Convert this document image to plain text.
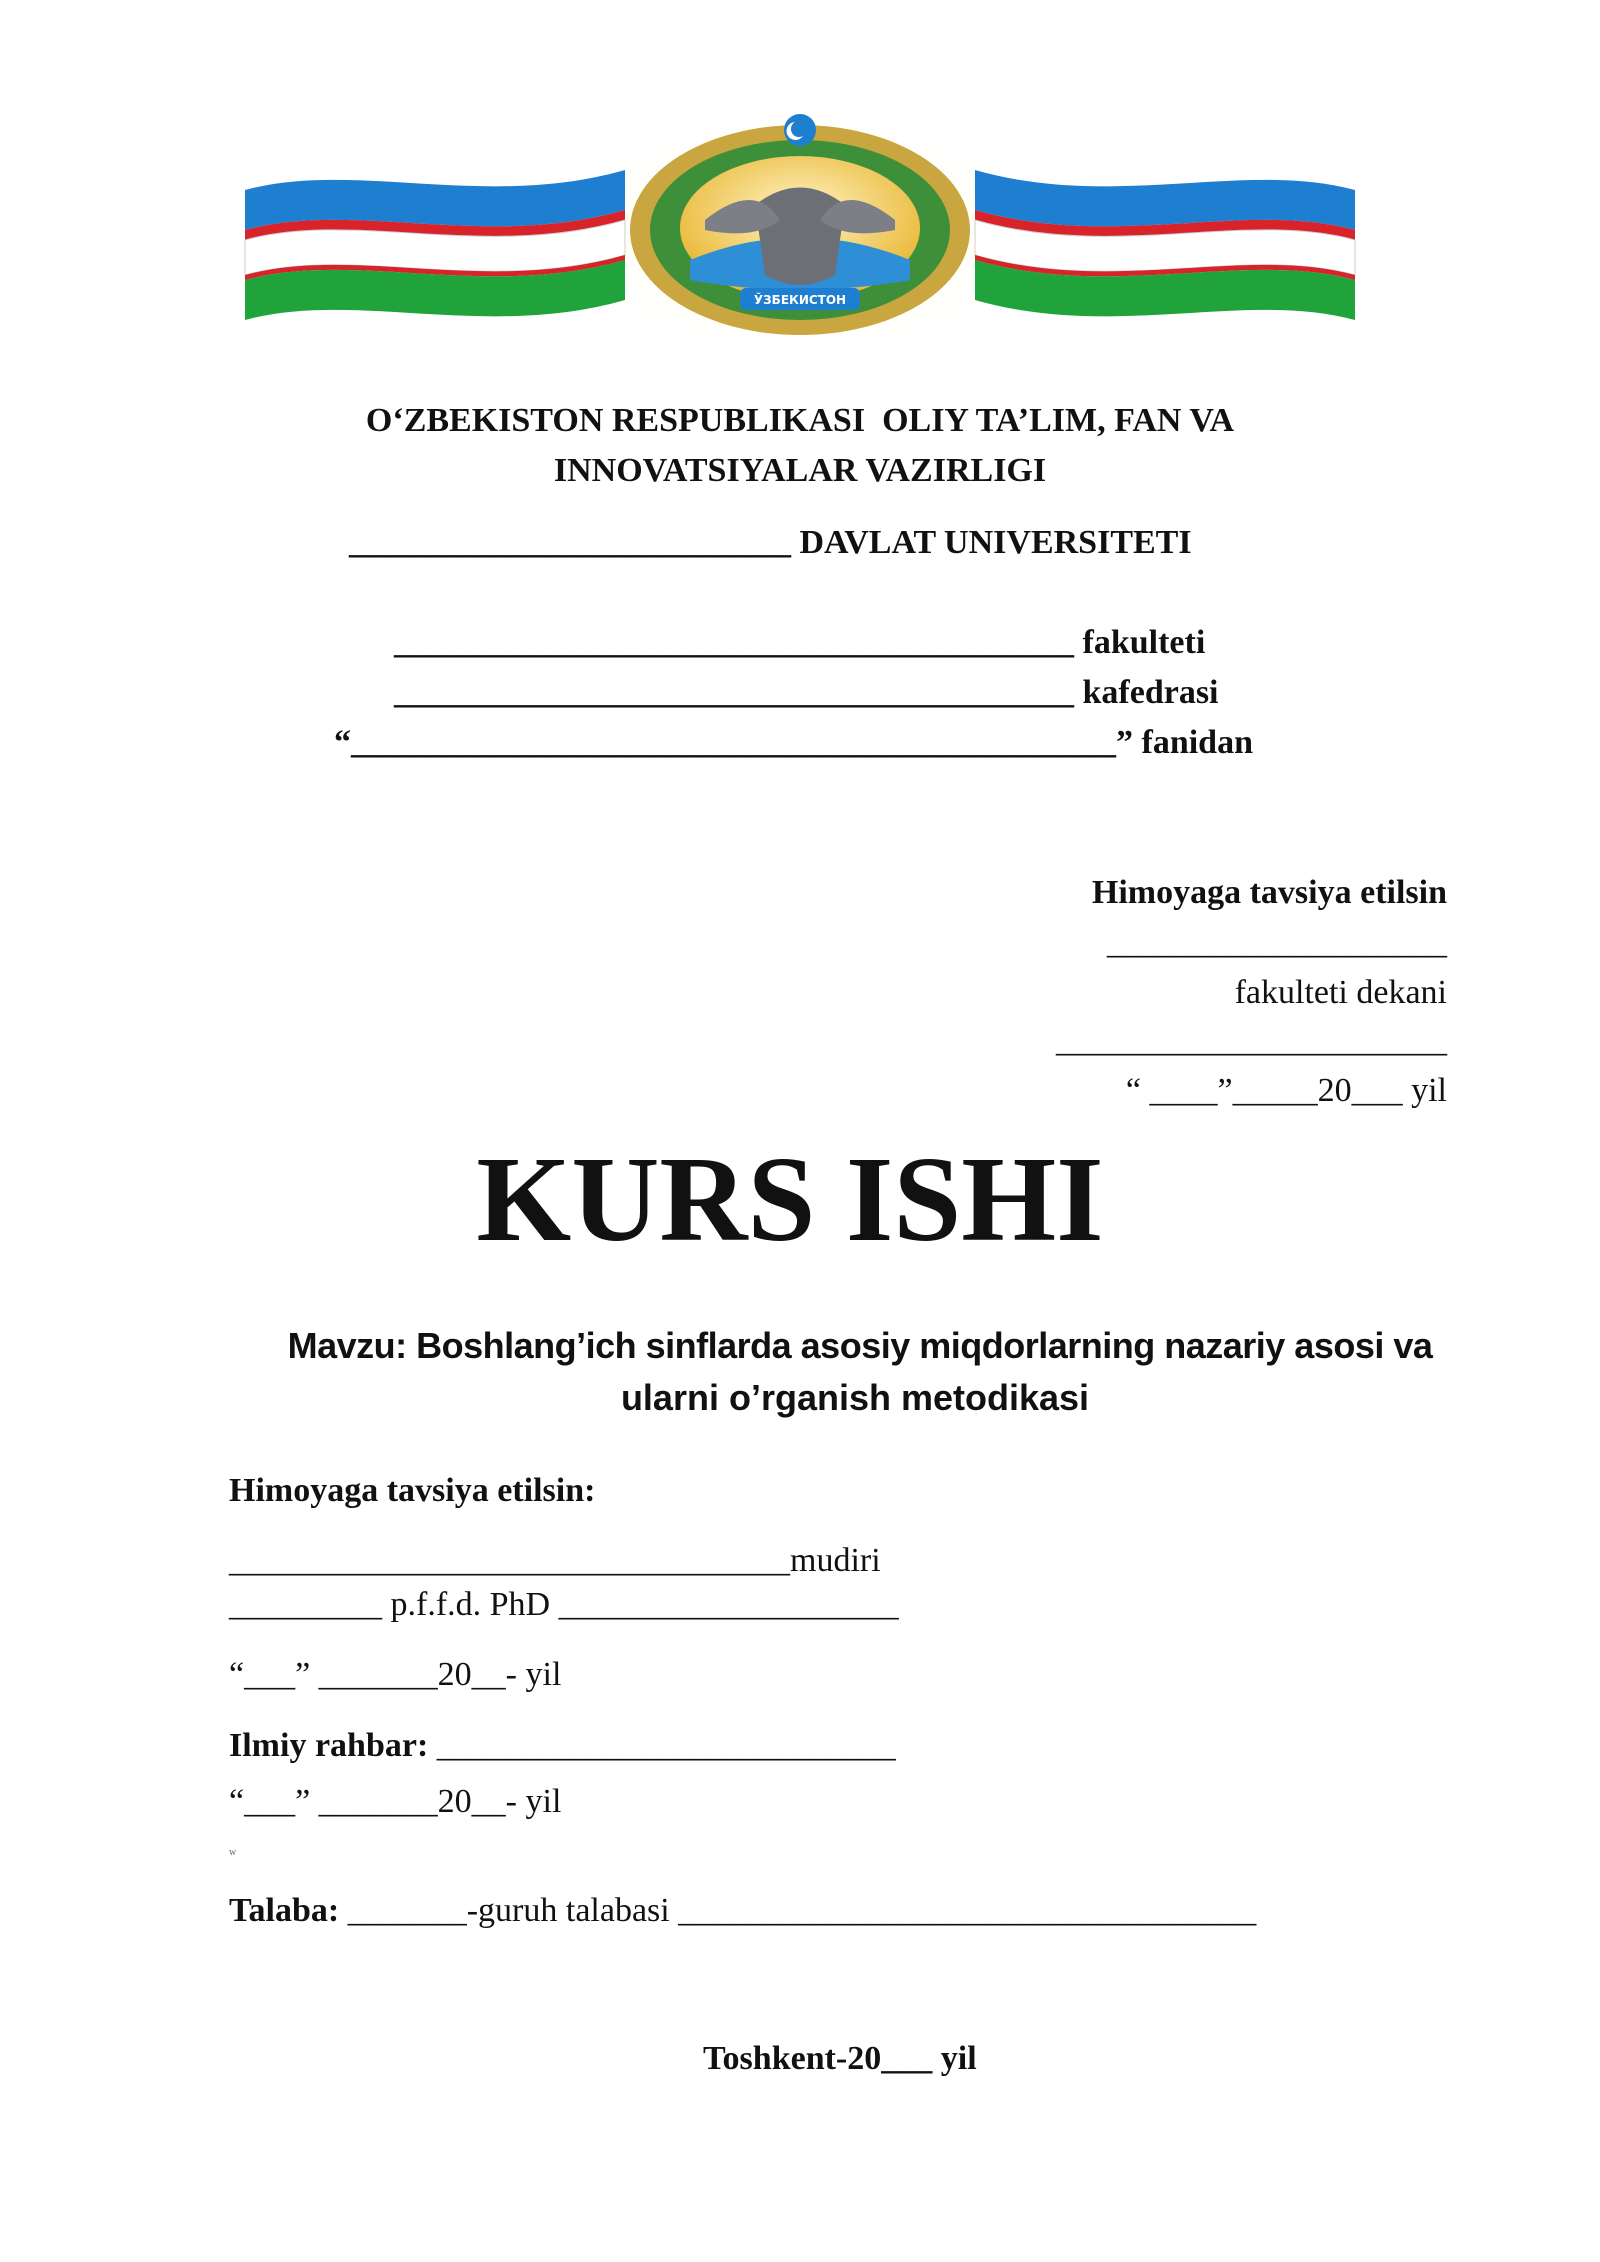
ЎЗБЕКИСТОН
O‘ZBEKISTON RESPUBLIKASI  OLIY TA’LIM, FAN VA
INNOVATSIYALAR VAZIRLIGI
__________________________ DAVLAT UNIVERSITETI
________________________________________ fakulteti
________________________________________ kafedrasi
“_____________________________________________” fanidan
Himoyaga tavsiya etilsin
____________________
fakulteti dekani
_______________________
“ ____”_____20___ yil
KURS ISHI
Mavzu: Boshlang’ich sinflarda asosiy miqdorlarning nazariy asosi va
ularni o’rganish metodikasi
Himoyaga tavsiya etilsin:
_________________________________mudiri
_________ p.f.f.d. PhD ____________________
“___” _______20__- yil
Ilmiy rahbar: ___________________________
“___” _______20__- yil
w
Talaba: _______-guruh talabasi __________________________________
Toshkent-20___ yil
